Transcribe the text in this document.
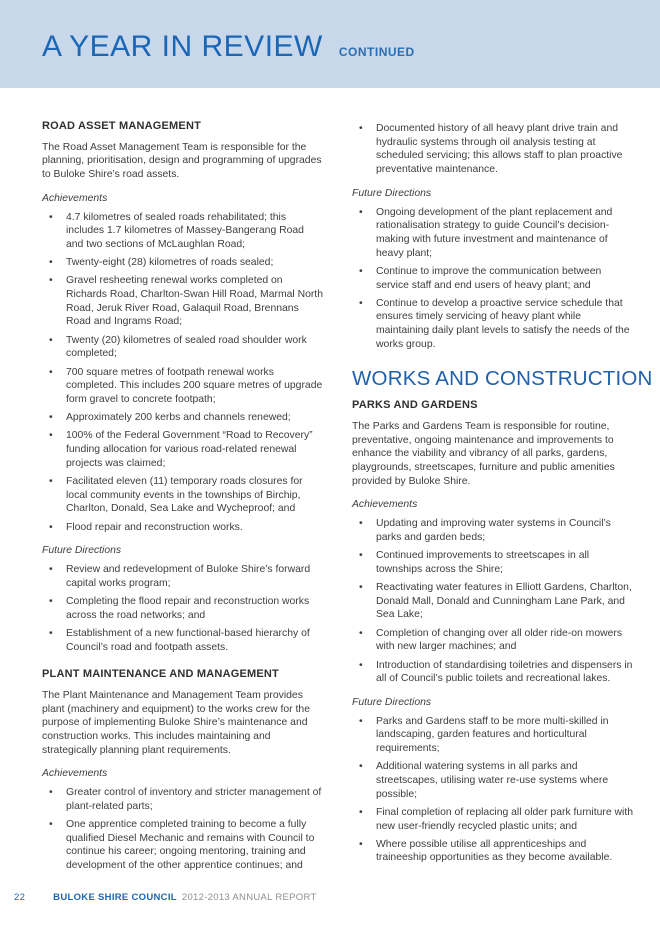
A YEAR IN REVIEW CONTINUED
ROAD ASSET MANAGEMENT
The Road Asset Management Team is responsible for the planning, prioritisation, design and programming of upgrades to Buloke Shire’s road assets.
Achievements
• 4.7 kilometres of sealed roads rehabilitated; this includes 1.7 kilometres of Massey-Bangerang Road and two sections of McLaughlan Road;
• Twenty-eight (28) kilometres of roads sealed;
• Gravel resheeting renewal works completed on Richards Road, Charlton-Swan Hill Road, Marmal North Road, Jeruk River Road, Galaquil Road, Brennans Road and Ingrams Road;
• Twenty (20) kilometres of sealed road shoulder work completed;
• 700 square metres of footpath renewal works completed. This includes 200 square metres of upgrade form gravel to concrete footpath;
• Approximately 200 kerbs and channels renewed;
• 100% of the Federal Government “Road to Recovery” funding allocation for various road-related renewal projects was claimed;
• Facilitated eleven (11) temporary roads closures for local community events in the townships of Birchip, Charlton, Donald, Sea Lake and Wycheproof; and
• Flood repair and reconstruction works.
Future Directions
• Review and redevelopment of Buloke Shire’s forward capital works program;
• Completing the flood repair and reconstruction works across the road networks; and
• Establishment of a new functional-based hierarchy of Council’s road and footpath assets.
PLANT MAINTENANCE AND MANAGEMENT
The Plant Maintenance and Management Team provides plant (machinery and equipment) to the works crew for the purpose of implementing Buloke Shire’s maintenance and construction works. This includes maintaining and strategically planning plant requirements.
Achievements
• Greater control of inventory and stricter management of plant-related parts;
• One apprentice completed training to become a fully qualified Diesel Mechanic and remains with Council to continue his career; ongoing mentoring, training and development of the other apprentice continues; and
• Documented history of all heavy plant drive train and hydraulic systems through oil analysis testing at scheduled servicing; this allows staff to plan proactive preventative maintenance.
Future Directions
• Ongoing development of the plant replacement and rationalisation strategy to guide Council’s decision-making with future investment and maintenance of heavy plant;
• Continue to improve the communication between service staff and end users of heavy plant; and
• Continue to develop a proactive service schedule that ensures timely servicing of heavy plant while maintaining daily plant levels to satisfy the needs of the works group.
WORKS AND CONSTRUCTION
PARKS AND GARDENS
The Parks and Gardens Team is responsible for routine, preventative, ongoing maintenance and improvements to enhance the viability and vibrancy of all parks, gardens, playgrounds, streetscapes, furniture and public amenities provided by Buloke Shire.
Achievements
• Updating and improving water systems in Council’s parks and garden beds;
• Continued improvements to streetscapes in all townships across the Shire;
• Reactivating water features in Elliott Gardens, Charlton, Donald Mall, Donald and Cunningham Lane Park, and Sea Lake;
• Completion of changing over all older ride-on mowers with new larger machines; and
• Introduction of standardising toiletries and dispensers in all of Council’s public toilets and recreational lakes.
Future Directions
• Parks and Gardens staff to be more multi-skilled in landscaping, garden features and horticultural requirements;
• Additional watering systems in all parks and streetscapes, utilising water re-use systems where possible;
• Final completion of replacing all older park furniture with new user-friendly recycled plastic units; and
• Where possible utilise all apprenticeships and traineeship opportunities as they become available.
22	BULOKE SHIRE COUNCIL 2012-2013 ANNUAL REPORT
